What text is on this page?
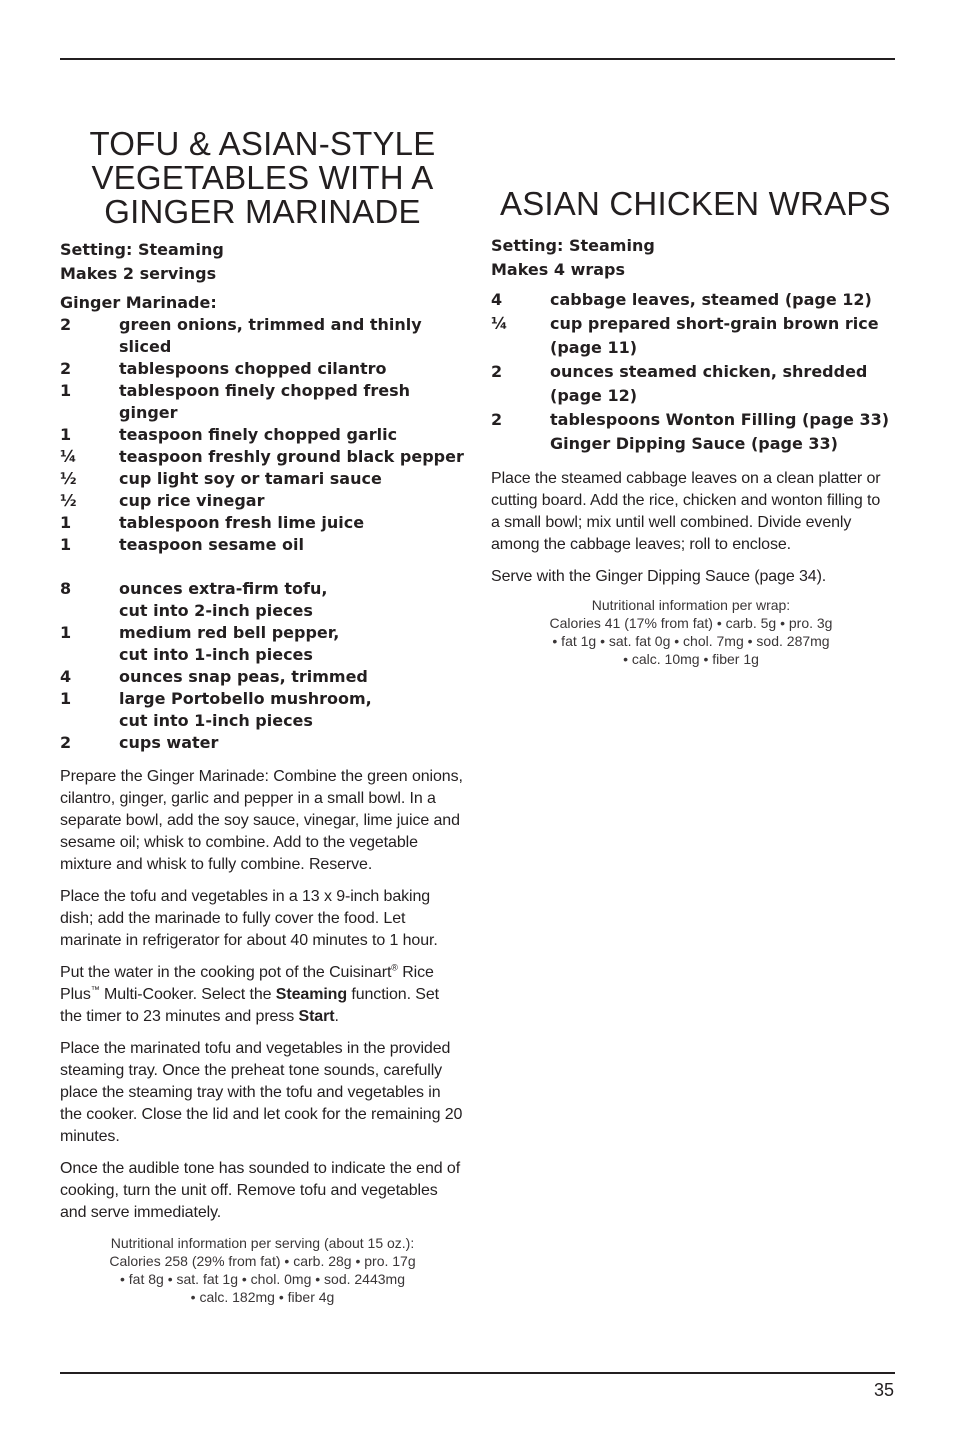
TOFU & ASIAN-STYLE
VEGETABLES WITH A
GINGER MARINADE
Setting: Steaming
Makes 2 servings
Ginger Marinade:
2	green onions, trimmed and thinly sliced
2	tablespoons chopped cilantro
1	tablespoon finely chopped fresh ginger
1	teaspoon finely chopped garlic
¼	teaspoon freshly ground black pepper
½	cup light soy or tamari sauce
½	cup rice vinegar
1	tablespoon fresh lime juice
1	teaspoon sesame oil
8	ounces extra-firm tofu,
cut into 2-inch pieces
1	medium red bell pepper,
cut into 1-inch pieces
4	ounces snap peas, trimmed
1	large Portobello mushroom,
cut into 1-inch pieces
2	cups water

Prepare the Ginger Marinade: Combine the green onions, cilantro, ginger, garlic and pepper in a small bowl. In a separate bowl, add the soy sauce, vinegar, lime juice and sesame oil; whisk to combine. Add to the vegetable mixture and whisk to fully combine. Reserve.

Place the tofu and vegetables in a 13 x 9-inch baking dish; add the marinade to fully cover the food. Let marinate in refrigerator for about 40 minutes to 1 hour.

Put the water in the cooking pot of the Cuisinart® Rice Plus™ Multi-Cooker. Select the Steaming function. Set the timer to 23 minutes and press Start.

Place the marinated tofu and vegetables in the provided steaming tray. Once the preheat tone sounds, carefully place the steaming tray with the tofu and vegetables in the cooker. Close the lid and let cook for the remaining 20 minutes.

Once the audible tone has sounded to indicate the end of cooking, turn the unit off. Remove tofu and vegetables and serve immediately.

Nutritional information per serving (about 15 oz.):
Calories 258 (29% from fat) • carb. 28g • pro. 17g
• fat 8g • sat. fat 1g • chol. 0mg • sod. 2443mg
• calc. 182mg • fiber 4g
ASIAN CHICKEN WRAPS
Setting: Steaming
Makes 4 wraps
4	cabbage leaves, steamed (page 12)
¼	cup prepared short-grain brown rice
(page 11)
2	ounces steamed chicken, shredded
(page 12)
2	tablespoons Wonton Filling (page 33)
Ginger Dipping Sauce (page 33)

Place the steamed cabbage leaves on a clean platter or cutting board. Add the rice, chicken and wonton filling to a small bowl; mix until well combined. Divide evenly among the cabbage leaves; roll to enclose.

Serve with the Ginger Dipping Sauce (page 34).

Nutritional information per wrap:
Calories 41 (17% from fat) • carb. 5g • pro. 3g
• fat 1g • sat. fat 0g • chol. 7mg • sod. 287mg
• calc. 10mg • fiber 1g
35
